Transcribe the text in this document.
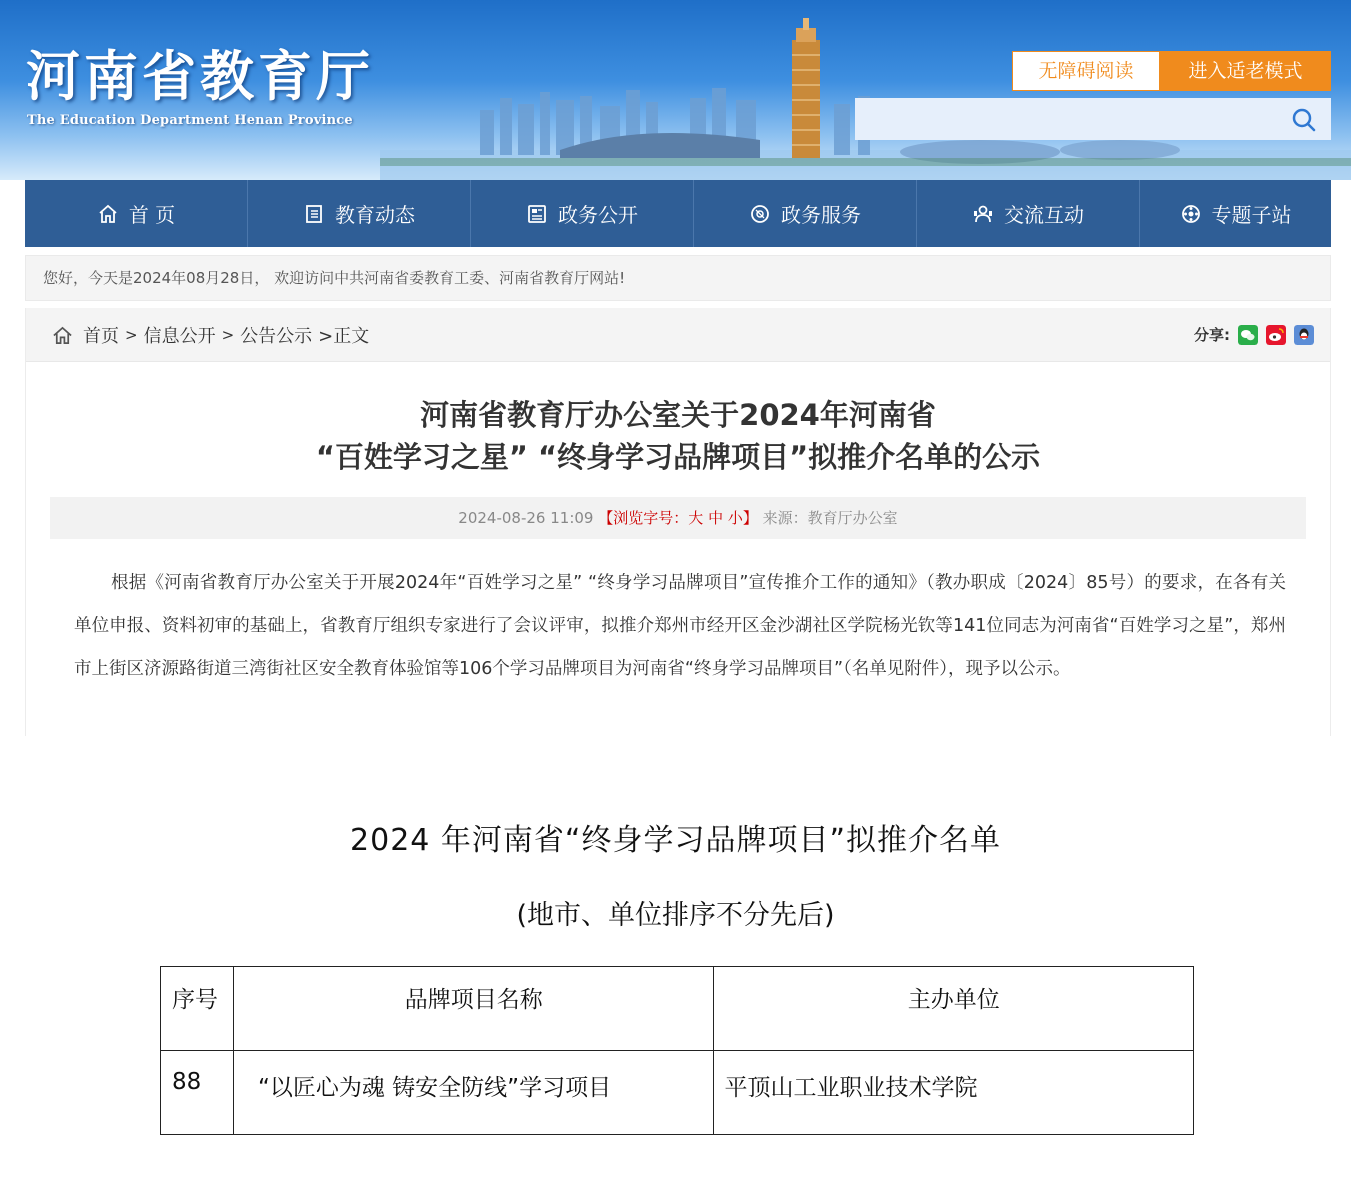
河南省教育厅
The Education Department Henan Province
无障碍阅读	进入适老模式
首 页	教育动态	政务公开	政务服务	交流互动	专题子站
您好，今天是2024年08月28日， 欢迎访问中共河南省委教育工委、河南省教育厅网站!
首页 > 信息公开 > 公告公示 >正文	分享:
河南省教育厅办公室关于2024年河南省
“百姓学习之星” “终身学习品牌项目”拟推介名单的公示
2024-08-26 11:09 【浏览字号：大 中 小】 来源：教育厅办公室

根据《河南省教育厅办公室关于开展2024年“百姓学习之星” “终身学习品牌项目”宣传推介工作的通知》（教办职成〔2024〕85号）的要求，在各有关单位申报、资料初审的基础上，省教育厅组织专家进行了会议评审，拟推介郑州市经开区金沙湖社区学院杨光钦等141位同志为河南省“百姓学习之星”，郑州市上街区济源路街道三湾街社区安全教育体验馆等106个学习品牌项目为河南省“终身学习品牌项目”（名单见附件），现予以公示。

2024 年河南省“终身学习品牌项目”拟推介名单
(地市、单位排序不分先后)
序号	品牌项目名称	主办单位
88	“以匠心为魂 铸安全防线”学习项目	平顶山工业职业技术学院
